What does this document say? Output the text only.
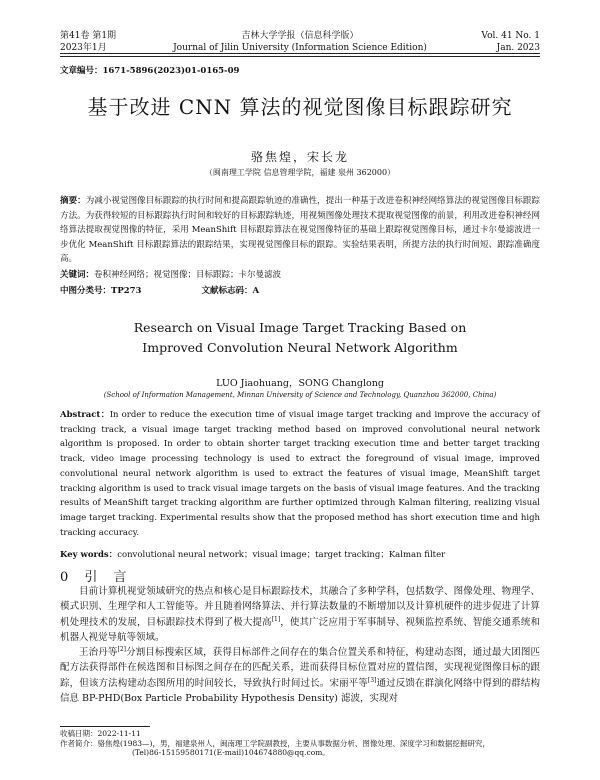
第41卷 第1期
2023年1月
吉林大学学报（信息科学版）
Journal of Jilin University (Information Science Edition)
Vol. 41 No. 1
Jan. 2023
文章编号：1671-5896(2023)01-0165-09
基于改进 CNN 算法的视觉图像目标跟踪研究
骆焦煌，宋长龙
（闽南理工学院 信息管理学院，福建 泉州 362000）
摘要：为减小视觉图像目标跟踪的执行时间和提高跟踪轨迹的准确性，提出一种基于改进卷积神经网络算法的视觉图像目标跟踪方法。为获得较短的目标跟踪执行时间和较好的目标跟踪轨迹，用视频图像处理技术提取视觉图像的前景，利用改进卷积神经网络算法提取视觉图像的特征，采用 MeanShift 目标跟踪算法在视觉图像特征的基础上跟踪视觉图像目标，通过卡尔曼滤波进一步优化 MeanShift 目标跟踪算法的跟踪结果，实现视觉图像目标的跟踪。实验结果表明，所提方法的执行时间短、跟踪准确度高。
关键词：卷积神经网络；视觉图像；目标跟踪；卡尔曼滤波
中图分类号：TP273	文献标志码：A
Research on Visual Image Target Tracking Based on
Improved Convolution Neural Network Algorithm
LUO Jiaohuang，SONG Changlong
(School of Information Management, Minnan University of Science and Technology, Quanzhou 362000, China)
Abstract：In order to reduce the execution time of visual image target tracking and improve the accuracy of tracking track, a visual image target tracking method based on improved convolutional neural network algorithm is proposed. In order to obtain shorter target tracking execution time and better target tracking track, video image processing technology is used to extract the foreground of visual image, improved convolutional neural network algorithm is used to extract the features of visual image, MeanShift target tracking algorithm is used to track visual image targets on the basis of visual image features. And the tracking results of MeanShift target tracking algorithm are further optimized through Kalman filtering, realizing visual image target tracking. Experimental results show that the proposed method has short execution time and high tracking accuracy.
Key words：convolutional neural network；visual image；target tracking；Kalman filter
0 引 言

目前计算机视觉领域研究的热点和核心是目标跟踪技术，其融合了多种学科，包括数学、图像处理、物理学、模式识别、生理学和人工智能等。并且随着网络算法、并行算法数量的不断增加以及计算机硬件的进步促进了计算机处理技术的发展，目标跟踪技术得到了极大提高[1]，使其广泛应用于军事制导、视频监控系统、智能交通系统和机器人视觉导航等领域。

王治丹等[2]分割目标搜索区域，获得目标部件之间存在的集合位置关系和特征，构建动态图，通过最大团图匹配方法获得部件在候选图和目标图之间存在的匹配关系，进而获得目标位置对应的置信图，实现视觉图像目标的跟踪，但该方法构建动态图所用的时间较长，导致执行时间过长。宋丽平等[3]通过反馈在群演化网络中得到的群结构信息 BP-PHD(Box Particle Probability Hypothesis Density) 滤波，实现对

收稿日期：2022-11-11
作者简介：骆焦煌(1983—)，男，福建泉州人，闽南理工学院副教授，主要从事数据分析、图像处理、深度学习和数据挖掘研究，
(Tel)86-15159580171(E-mail)104674880@qq.com。
